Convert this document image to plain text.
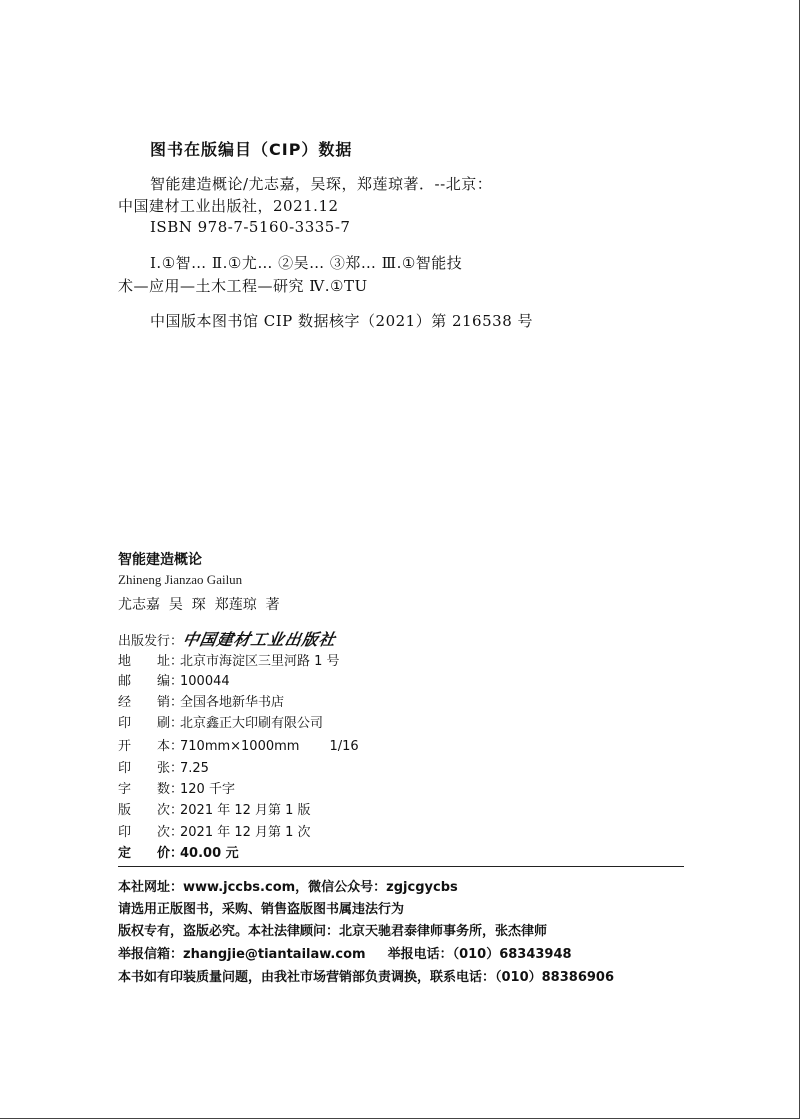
图书在版编目（CIP）数据
智能建造概论/尤志嘉，吴琛，郑莲琼著．--北京：
中国建材工业出版社，2021.12
ISBN 978-7-5160-3335-7
Ⅰ.①智… Ⅱ.①尤… ②吴… ③郑… Ⅲ.①智能技
术—应用—土木工程—研究 Ⅳ.①TU
中国版本图书馆 CIP 数据核字（2021）第 216538 号
智能建造概论
Zhineng Jianzao Gailun
尤志嘉  吴  琛  郑莲琼  著
出版发行：中国建材工业出版社
地 址：北京市海淀区三里河路 1 号
邮 编：100044
经 销：全国各地新华书店
印 刷：北京鑫正大印刷有限公司
开 本：710mm×1000mm 1/16
印 张：7.25
字 数：120 千字
版 次：2021 年 12 月第 1 版
印 次：2021 年 12 月第 1 次
定 价：40.00 元
本社网址：www.jccbs.com，微信公众号：zgjcgycbs
请选用正版图书，采购、销售盗版图书属违法行为
版权专有，盗版必究。本社法律顾问：北京天驰君泰律师事务所，张杰律师
举报信箱：zhangjie@tiantailaw.com 举报电话：（010）68343948
本书如有印装质量问题，由我社市场营销部负责调换，联系电话：（010）88386906
